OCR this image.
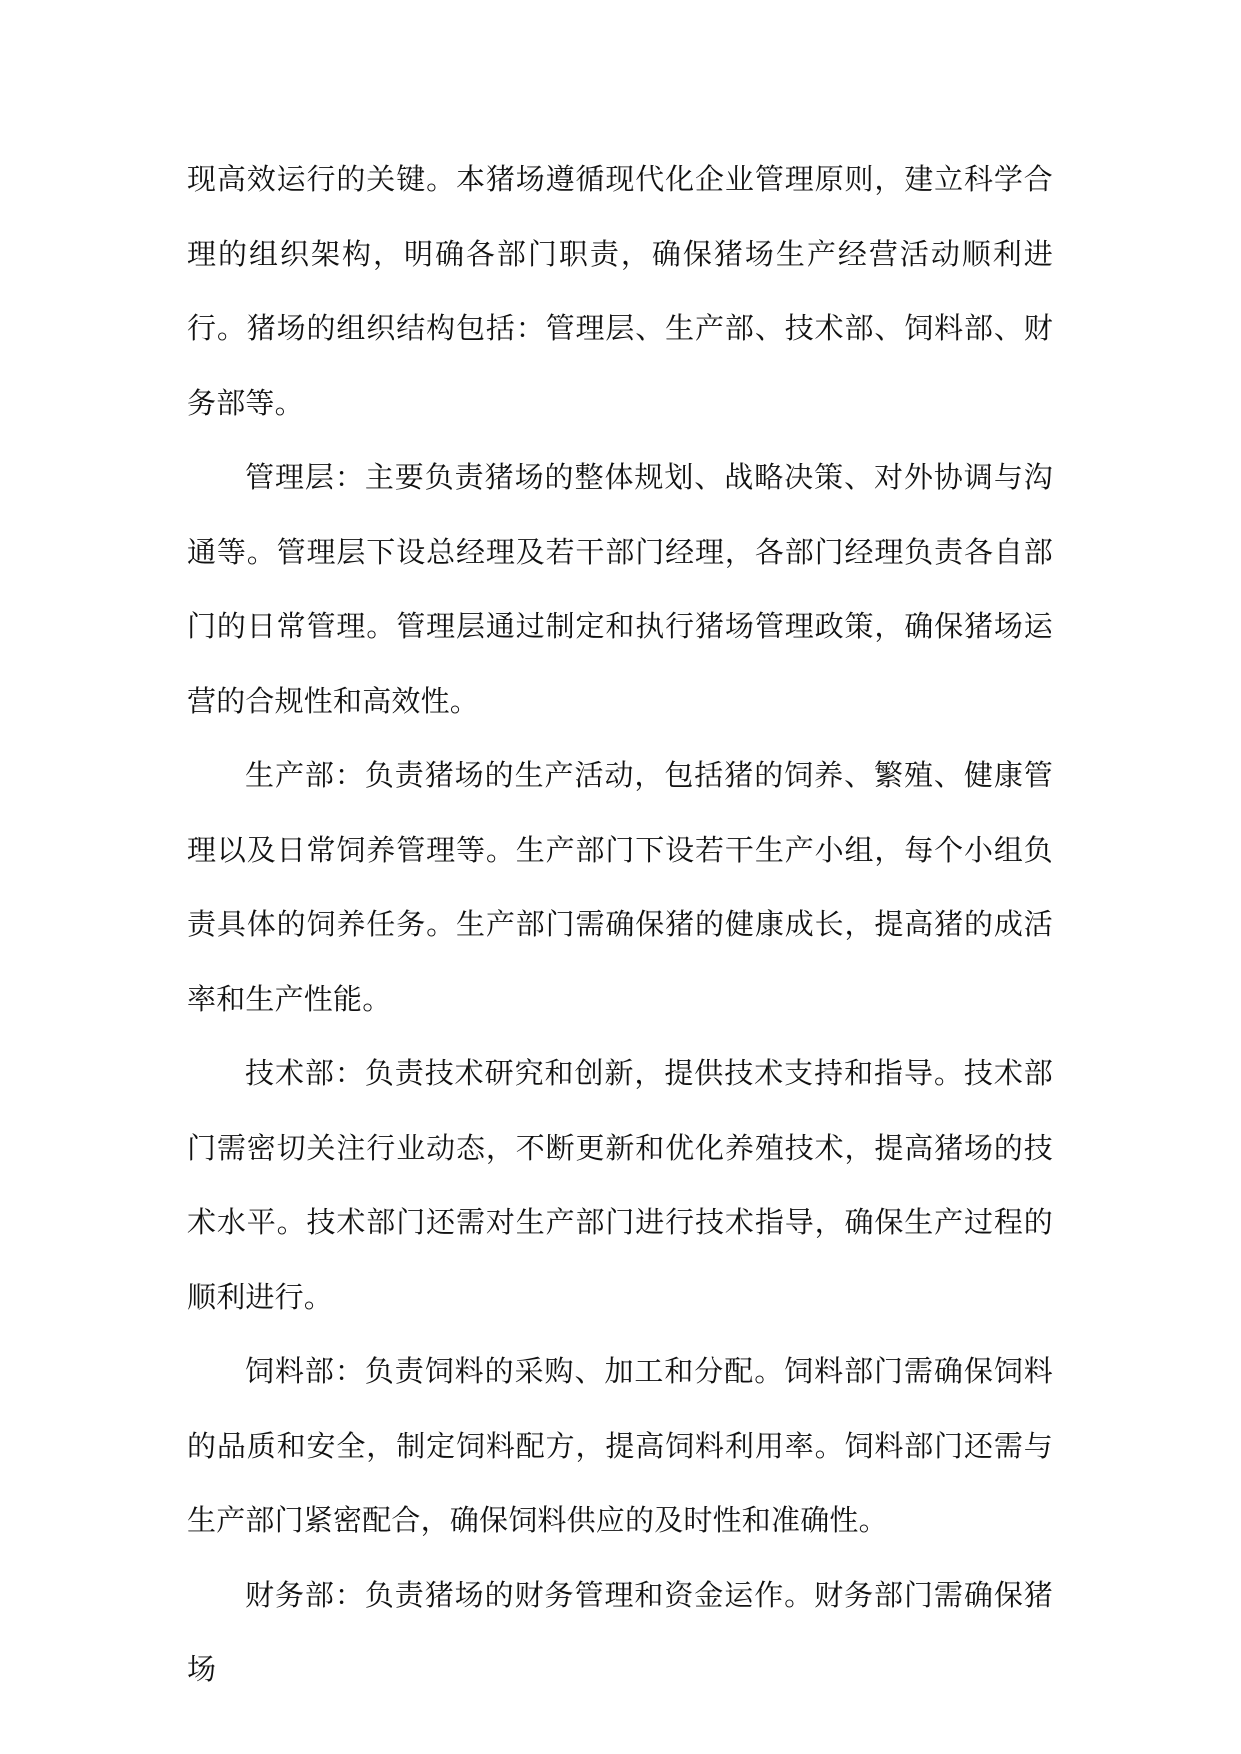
现高效运行的关键。本猪场遵循现代化企业管理原则，建立科学合理的组织架构，明确各部门职责，确保猪场生产经营活动顺利进行。猪场的组织结构包括：管理层、生产部、技术部、饲料部、财务部等。

管理层：主要负责猪场的整体规划、战略决策、对外协调与沟通等。管理层下设总经理及若干部门经理，各部门经理负责各自部门的日常管理。管理层通过制定和执行猪场管理政策，确保猪场运营的合规性和高效性。

生产部：负责猪场的生产活动，包括猪的饲养、繁殖、健康管理以及日常饲养管理等。生产部门下设若干生产小组，每个小组负责具体的饲养任务。生产部门需确保猪的健康成长，提高猪的成活率和生产性能。

技术部：负责技术研究和创新，提供技术支持和指导。技术部门需密切关注行业动态，不断更新和优化养殖技术，提高猪场的技术水平。技术部门还需对生产部门进行技术指导，确保生产过程的顺利进行。

饲料部：负责饲料的采购、加工和分配。饲料部门需确保饲料的品质和安全，制定饲料配方，提高饲料利用率。饲料部门还需与生产部门紧密配合，确保饲料供应的及时性和准确性。

财务部：负责猪场的财务管理和资金运作。财务部门需确保猪场
